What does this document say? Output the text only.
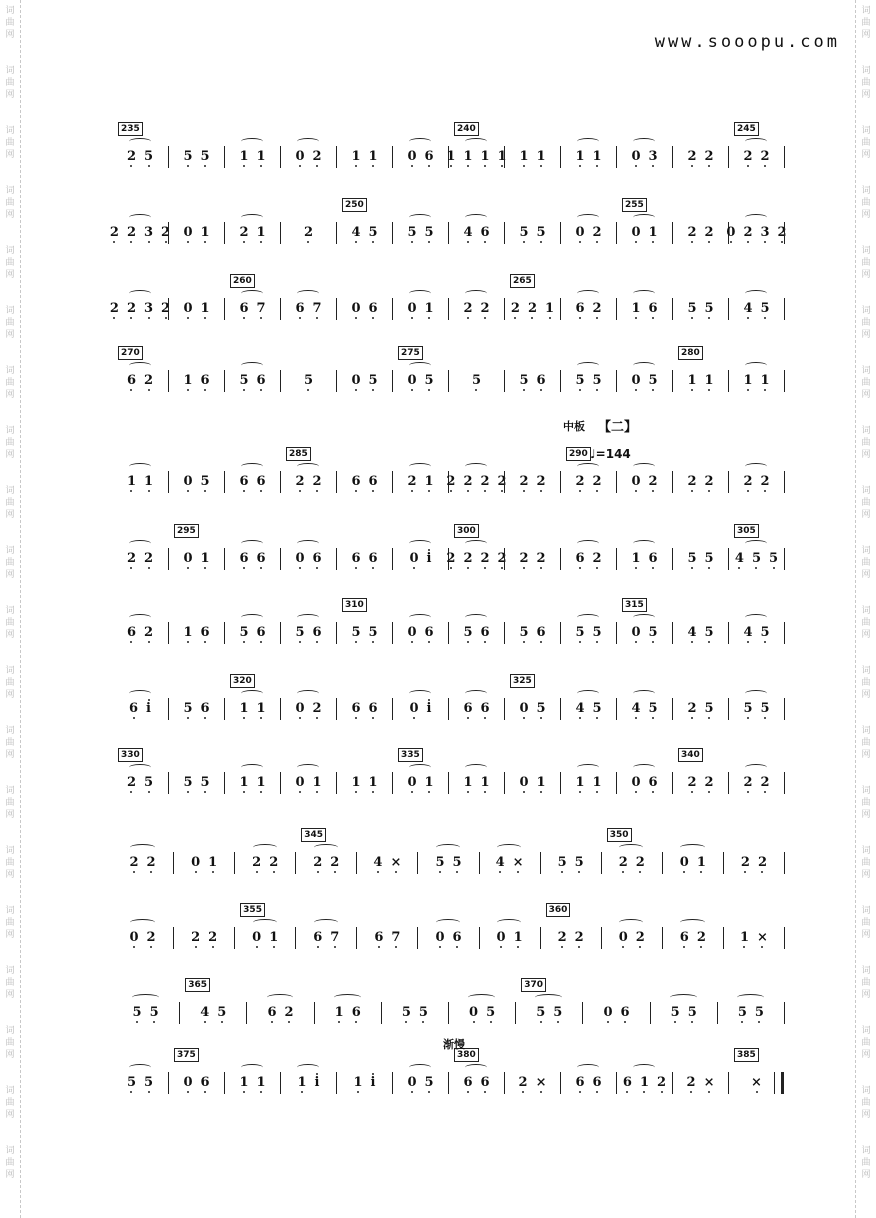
词
曲
网
词
曲
网
词
曲
网
词
曲
网
词
曲
网
词
曲
网
词
曲
网
词
曲
网
词
曲
网
词
曲
网
词
曲
网
词
曲
网
词
曲
网
词
曲
网
词
曲
网
词
曲
网
词
曲
网
词
曲
网
词
曲
网
词
曲
网
词
曲
网
词
曲
网
词
曲
网
词
曲
网
词
曲
网
词
曲
网
词
曲
网
词
曲
网
词
曲
网
词
曲
网
词
曲
网
词
曲
网
词
曲
网
词
曲
网
词
曲
网
词
曲
网
词
曲
网
词
曲
网
词
曲
网
词
曲
网
www.sooopu.com
2 5
235
5 5 1 1 0 2 1 1 0 6 1 1 1 1
240
1 1 1 1 0 3 2 2 2 2
245
2 2 3 2 0 1 2 1	2	4 5
250
5 5 4 6 5 5 0 2 0 1
255
2 2 0 2 3 2
2 2 3 2 0 1 6 7
260
6 7 0 6 0 1 2 2 2 2 1
265
6 2 1 6 5 5 4 5
6 2
270
1 6 5 6	5	0 5 0 5
275
5	5 6 5 5 0 5 1 1
280
1 1
1 1 0 5 6 6 2 2
285
6 6 2 1 2 2 2 2 2 2 2 2
290
0 2 2 2 2 2
2 2 0 1
295
6 6 0 6 6 6 0 i 2 2 2 2
300
2 2 6 2 1 6 5 5 4 5 5
305
6 2 1 6 5 6 5 6 5 5
310
0 6 5 6 5 6 5 5 0 5
315
4 5 4 5
6 i 5 6 1 1
320
0 2 6 6 0 i 6 6 0 5
325
4 5 4 5 2 5 5 5
2 5
330
5 5 1 1 0 1 1 1 0 1
335
1 1 0 1 1 1 0 6 2 2
340
2 2
2 2	0 1	2 2	2 2
345
4 ×	5 5	4 ×	5 5	2 2
350
0 1	2 2
0 2	2 2	0 1
355
6 7	6 7	0 6	0 1	2 2
360
0 2	6 2	1 ×
5 5	4 5
365
6 2	1 6	5 5	0 5	5 5
370
0 6	5 5	5 5
5 5 0 6
375
1 1 1 i	1 i 0 5 6 6
380
2 × 6 6 6 1 2 2 ×	×
385
中板 【二】
♩=144
渐慢
